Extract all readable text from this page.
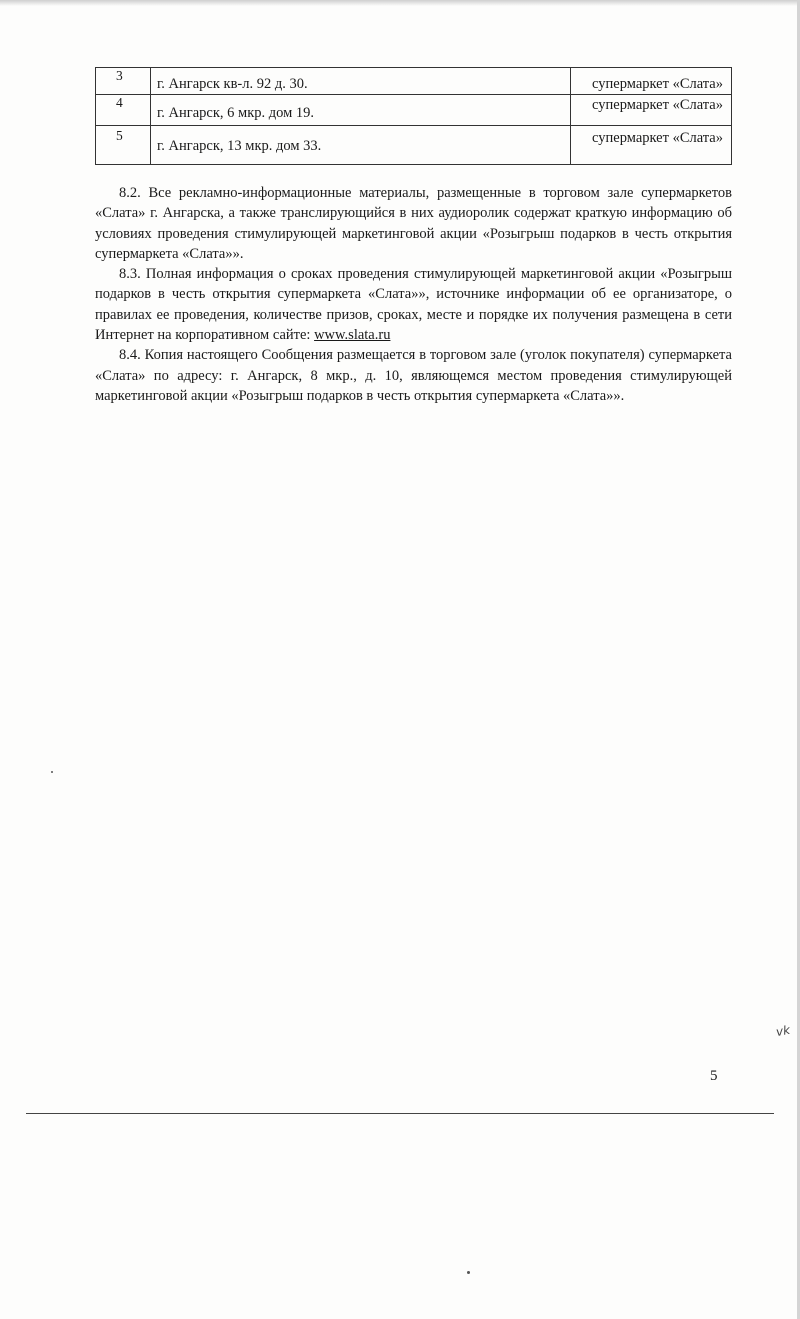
3	г. Ангарск кв-л. 92 д. 30.	супермаркет «Слата»
4	г. Ангарск, 6 мкр. дом 19.	супермаркет «Слата»
5	г. Ангарск, 13 мкр. дом 33.	супермаркет «Слата»

8.2. Все рекламно-информационные материалы, размещенные в торговом зале супермаркетов «Слата» г. Ангарска, а также транслирующийся в них аудиоролик содержат краткую информацию об условиях проведения стимулирующей маркетинговой акции «Розыгрыш подарков в честь открытия супермаркета «Слата»».

8.3. Полная информация о сроках проведения стимулирующей маркетинговой акции «Розыгрыш подарков в честь открытия супермаркета «Слата»», источнике информации об ее организаторе, о правилах ее проведения, количестве призов, сроках, месте и порядке их получения размещена в сети Интернет на корпоративном сайте: www.slata.ru

8.4. Копия настоящего Сообщения размещается в торговом зале (уголок покупателя) супермаркета «Слата» по адресу: г. Ангарск, 8 мкр., д. 10, являющемся местом проведения стимулирующей маркетинговой акции «Розыгрыш подарков в честь открытия супермаркета «Слата»».

5
vk
